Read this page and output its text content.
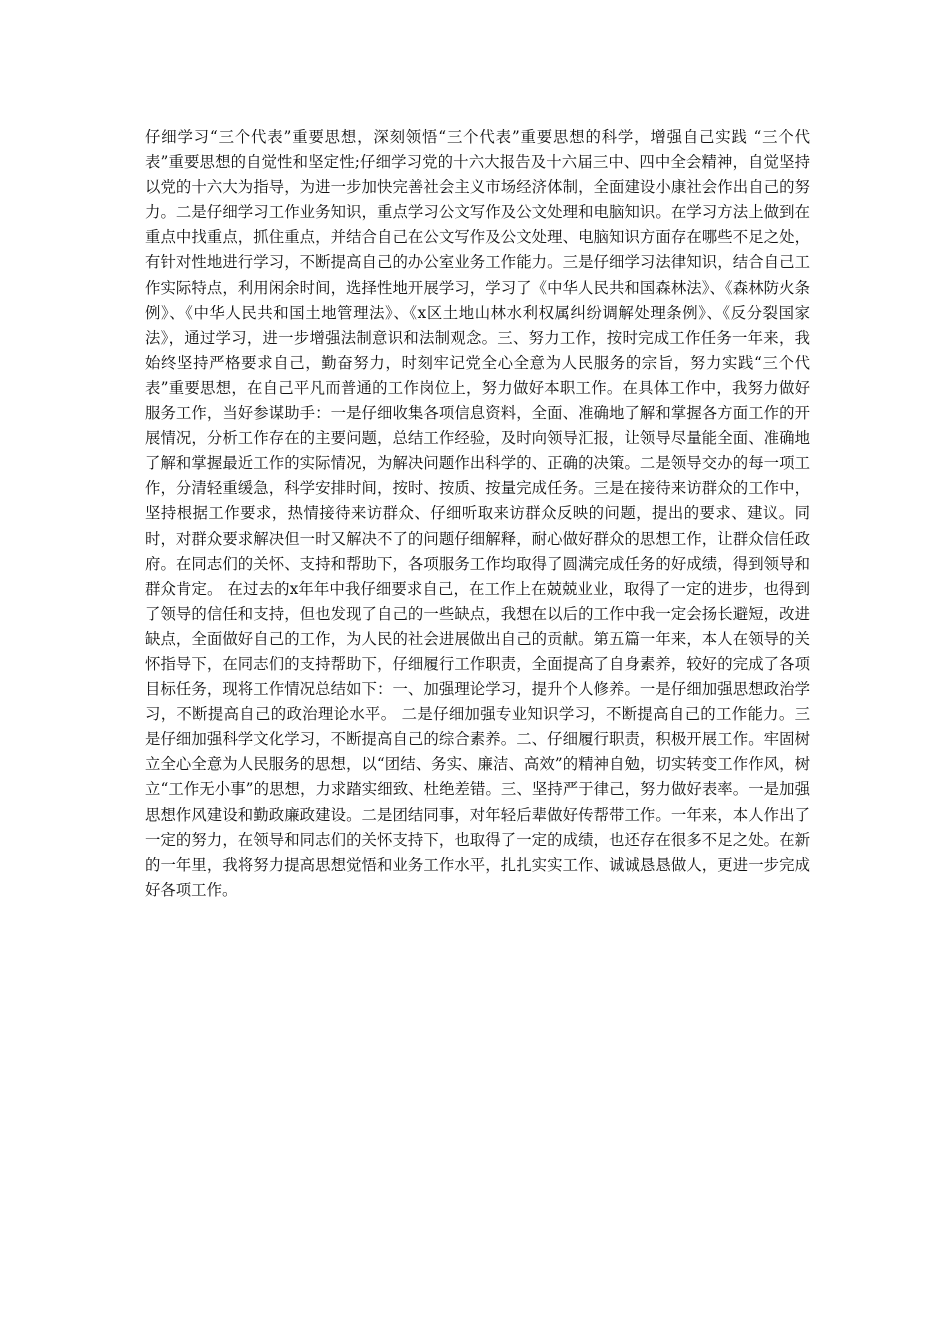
仔细学习“三个代表”重要思想，深刻领悟“三个代表”重要思想的科学，增强自己实践 “三个代表”重要思想的自觉性和坚定性;仔细学习党的十六大报告及十六届三中、四中全会精神，自觉坚持以党的十六大为指导，为进一步加快完善社会主义市场经济体制，全面建设小康社会作出自己的努力。二是仔细学习工作业务知识，重点学习公文写作及公文处理和电脑知识。在学习方法上做到在重点中找重点，抓住重点，并结合自己在公文写作及公文处理、电脑知识方面存在哪些不足之处，有针对性地进行学习，不断提高自己的办公室业务工作能力。三是仔细学习法律知识，结合自己工作实际特点，利用闲余时间，选择性地开展学习，学习了《中华人民共和国森林法》、《森林防火条例》、《中华人民共和国土地管理法》、《x区土地山林水利权属纠纷调解处理条例》、《反分裂国家法》，通过学习，进一步增强法制意识和法制观念。三、努力工作，按时完成工作任务一年来，我始终坚持严格要求自己，勤奋努力，时刻牢记党全心全意为人民服务的宗旨，努力实践“三个代表”重要思想，在自己平凡而普通的工作岗位上，努力做好本职工作。在具体工作中，我努力做好服务工作，当好参谋助手：一是仔细收集各项信息资料，全面、准确地了解和掌握各方面工作的开展情况，分析工作存在的主要问题，总结工作经验，及时向领导汇报，让领导尽量能全面、准确地了解和掌握最近工作的实际情况，为解决问题作出科学的、正确的决策。二是领导交办的每一项工作，分清轻重缓急，科学安排时间，按时、按质、按量完成任务。三是在接待来访群众的工作中，坚持根据工作要求，热情接待来访群众、仔细听取来访群众反映的问题，提出的要求、建议。同时，对群众要求解决但一时又解决不了的问题仔细解释，耐心做好群众的思想工作，让群众信任政府。在同志们的关怀、支持和帮助下，各项服务工作均取得了圆满完成任务的好成绩，得到领导和群众肯定。 在过去的x年年中我仔细要求自己，在工作上在兢兢业业，取得了一定的进步，也得到了领导的信任和支持，但也发现了自己的一些缺点，我想在以后的工作中我一定会扬长避短，改进缺点，全面做好自己的工作，为人民的社会进展做出自己的贡献。第五篇一年来，本人在领导的关怀指导下，在同志们的支持帮助下，仔细履行工作职责，全面提高了自身素养，较好的完成了各项目标任务，现将工作情况总结如下：一、加强理论学习，提升个人修养。一是仔细加强思想政治学习，不断提高自己的政治理论水平。 二是仔细加强专业知识学习，不断提高自己的工作能力。三是仔细加强科学文化学习，不断提高自己的综合素养。二、仔细履行职责，积极开展工作。牢固树立全心全意为人民服务的思想，以“团结、务实、廉洁、高效”的精神自勉，切实转变工作作风，树立“工作无小事”的思想，力求踏实细致、杜绝差错。三、坚持严于律己，努力做好表率。一是加强思想作风建设和勤政廉政建设。二是团结同事，对年轻后辈做好传帮带工作。一年来，本人作出了一定的努力，在领导和同志们的关怀支持下，也取得了一定的成绩，也还存在很多不足之处。在新的一年里，我将努力提高思想觉悟和业务工作水平，扎扎实实工作、诚诚恳恳做人，更进一步完成好各项工作。
